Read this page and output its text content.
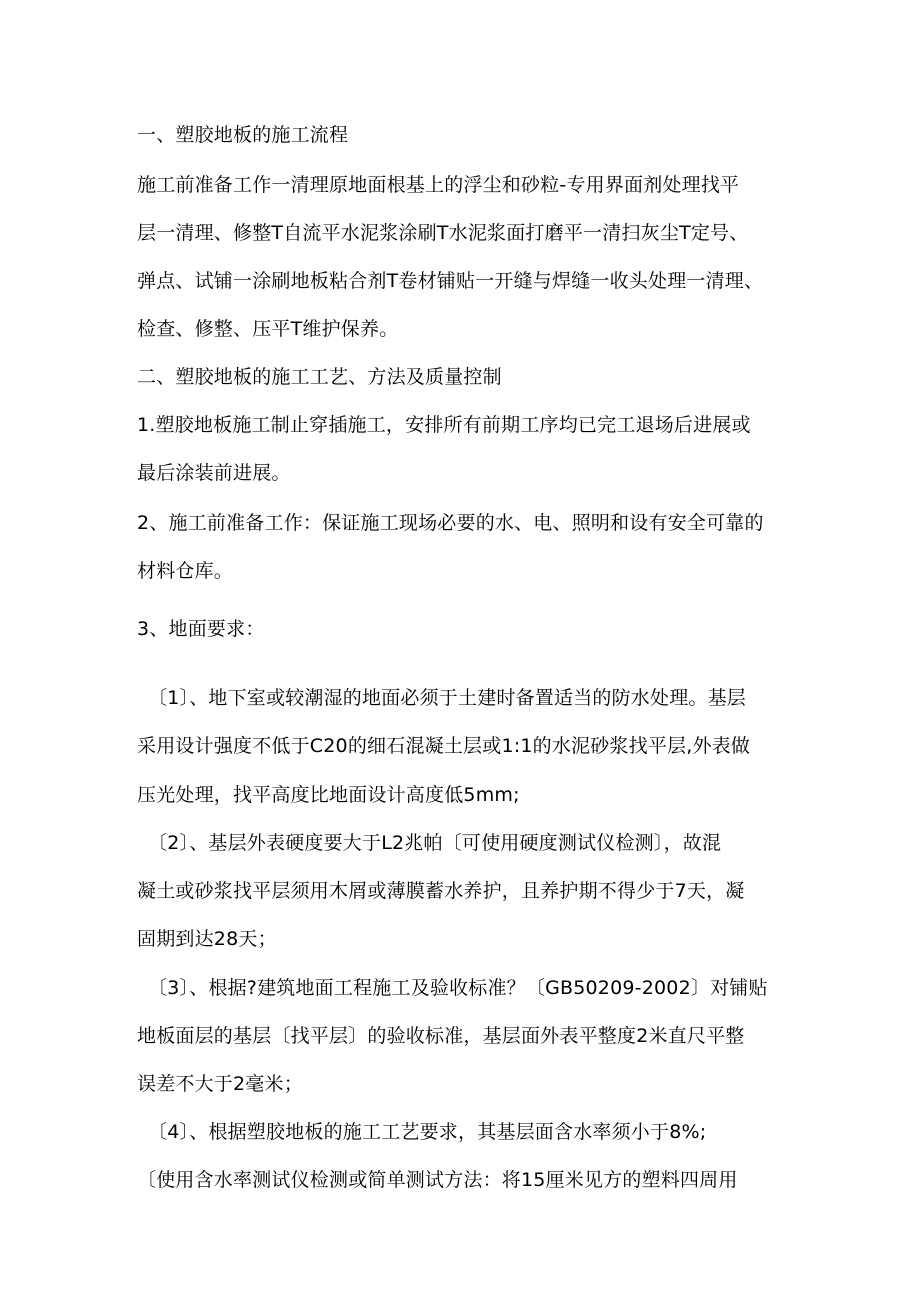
一、塑胶地板的施工流程
施工前准备工作一清理原地面根基上的浮尘和砂粒-专用界面剂处理找平
层一清理、修整T自流平水泥浆涂刷T水泥浆面打磨平一清扫灰尘T定号、
弹点、试铺一涂刷地板粘合剂T卷材铺贴一开缝与焊缝一收头处理一清理、
检查、修整、压平T维护保养。
二、塑胶地板的施工工艺、方法及质量控制
1.塑胶地板施工制止穿插施工，安排所有前期工序均已完工退场后进展或
最后涂装前进展。
2、施工前准备工作：保证施工现场必要的水、电、照明和设有安全可靠的
材料仓库。
3、地面要求：
〔1〕、地下室或较潮湿的地面必须于土建时备置适当的防水处理。基层
采用设计强度不低于C20的细石混凝土层或1:1的水泥砂浆找平层,外表做
压光处理，找平高度比地面设计高度低5mm;
〔2〕、基层外表硬度要大于L2兆帕〔可使用硬度测试仪检测〕，故混
凝土或砂浆找平层须用木屑或薄膜蓄水养护，且养护期不得少于7天，凝
固期到达28天；
〔3〕、根据?建筑地面工程施工及验收标准？〔GB50209-2002〕对铺贴
地板面层的基层〔找平层〕的验收标准，基层面外表平整度2米直尺平整
误差不大于2毫米；
〔4〕、根据塑胶地板的施工工艺要求，其基层面含水率须小于8%;
〔使用含水率测试仪检测或简单测试方法：将15厘米见方的塑料四周用
